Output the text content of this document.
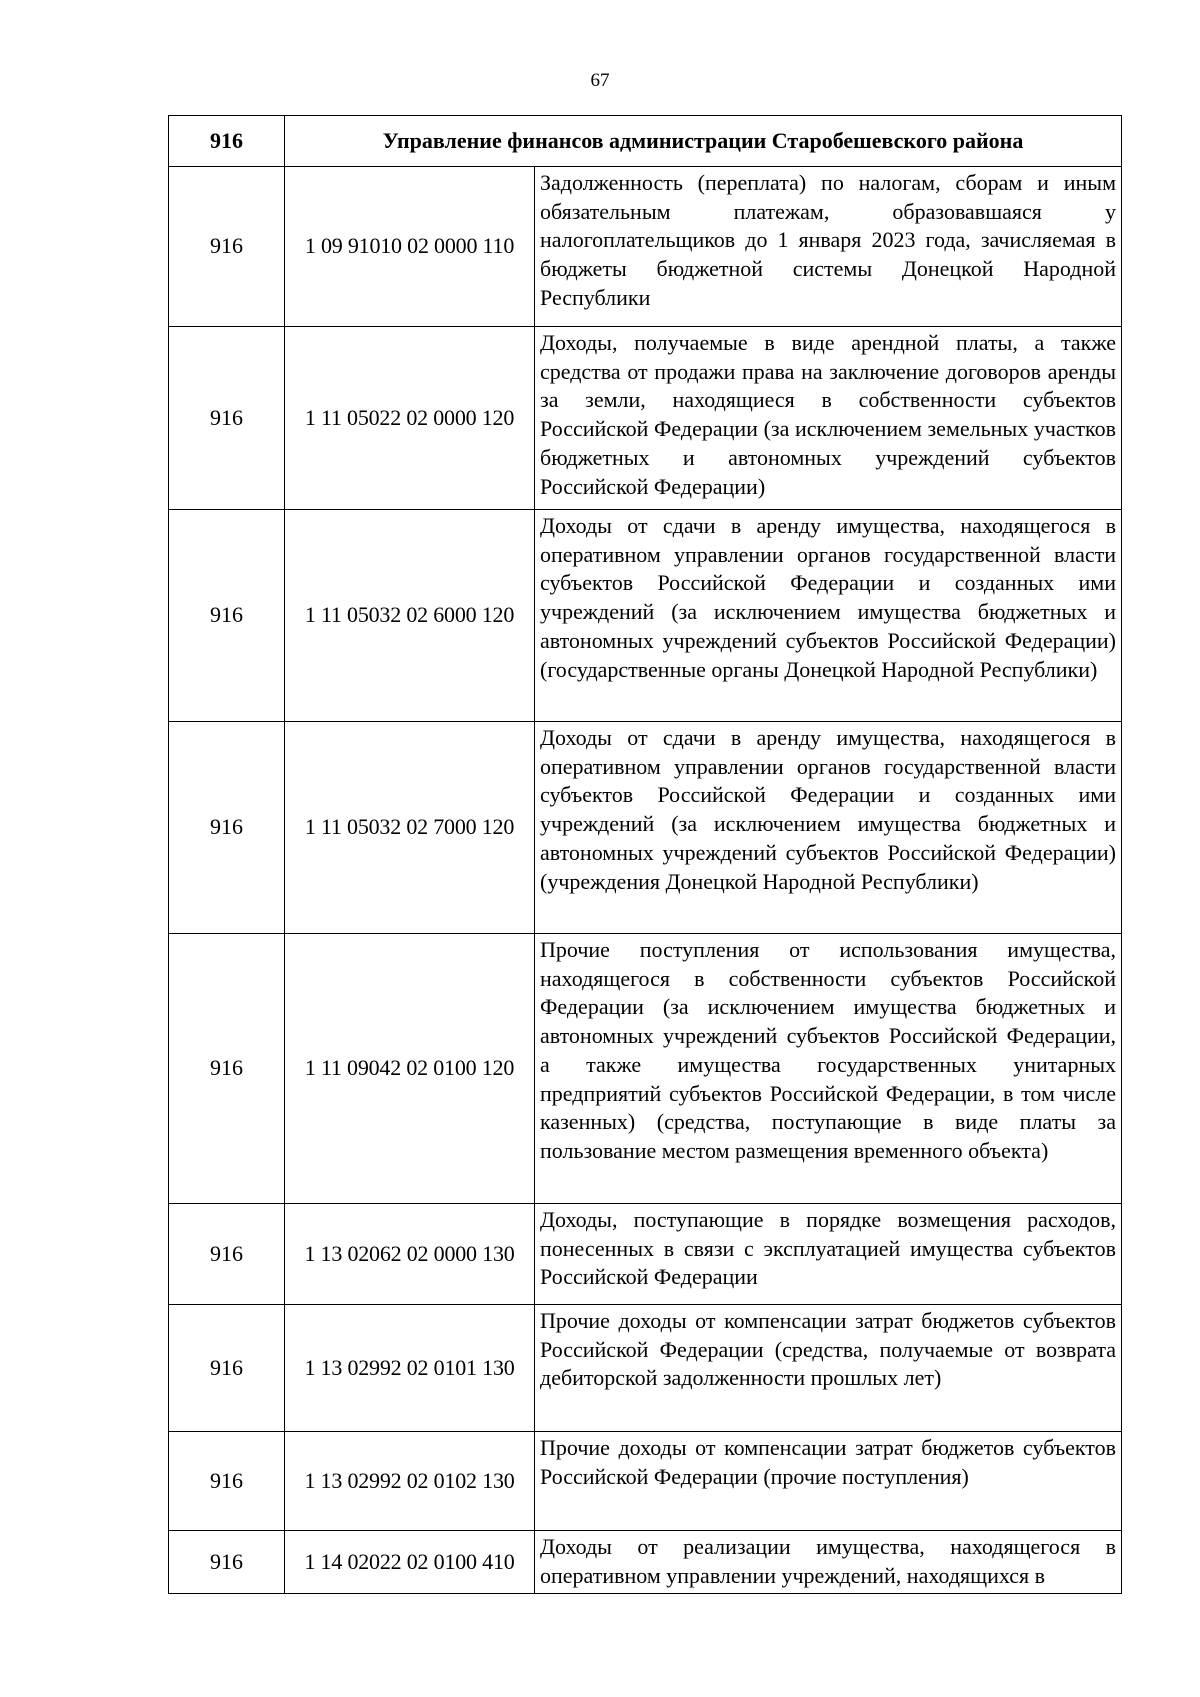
67
916	Управление финансов администрации Старобешевского района	
916	1 09 91010 02 0000 110	Задолженность (переплата) по налогам, сборам и иным обязательным платежам, образовавшаяся у налогоплательщиков до 1 января 2023 года, зачисляемая в бюджеты бюджетной системы Донецкой Народной Республики
916	1 11 05022 02 0000 120	Доходы, получаемые в виде арендной платы, а также средства от продажи права на заключение договоров аренды за земли, находящиеся в собственности субъектов Российской Федерации (за исключением земельных участков бюджетных и автономных учреждений субъектов Российской Федерации)
916	1 11 05032 02 6000 120	Доходы от сдачи в аренду имущества, находящегося в оперативном управлении органов государственной власти субъектов Российской Федерации и созданных ими учреждений (за исключением имущества бюджетных и автономных учреждений субъектов Российской Федерации) (государственные органы Донецкой Народной Республики)
916	1 11 05032 02 7000 120	Доходы от сдачи в аренду имущества, находящегося в оперативном управлении органов государственной власти субъектов Российской Федерации и созданных ими учреждений (за исключением имущества бюджетных и автономных учреждений субъектов Российской Федерации) (учреждения Донецкой Народной Республики)
916	1 11 09042 02 0100 120	Прочие поступления от использования имущества, находящегося в собственности субъектов Российской Федерации (за исключением имущества бюджетных и автономных учреждений субъектов Российской Федерации, а также имущества государственных унитарных предприятий субъектов Российской Федерации, в том числе казенных) (средства, поступающие в виде платы за пользование местом размещения временного объекта)
916	1 13 02062 02 0000 130	Доходы, поступающие в порядке возмещения расходов, понесенных в связи с эксплуатацией имущества субъектов Российской Федерации
916	1 13 02992 02 0101 130	Прочие доходы от компенсации затрат бюджетов субъектов Российской Федерации (средства, получаемые от возврата дебиторской задолженности прошлых лет)
916	1 13 02992 02 0102 130	Прочие доходы от компенсации затрат бюджетов субъектов Российской Федерации (прочие поступления)
916	1 14 02022 02 0100 410	Доходы от реализации имущества, находящегося в оперативном управлении учреждений, находящихся в
